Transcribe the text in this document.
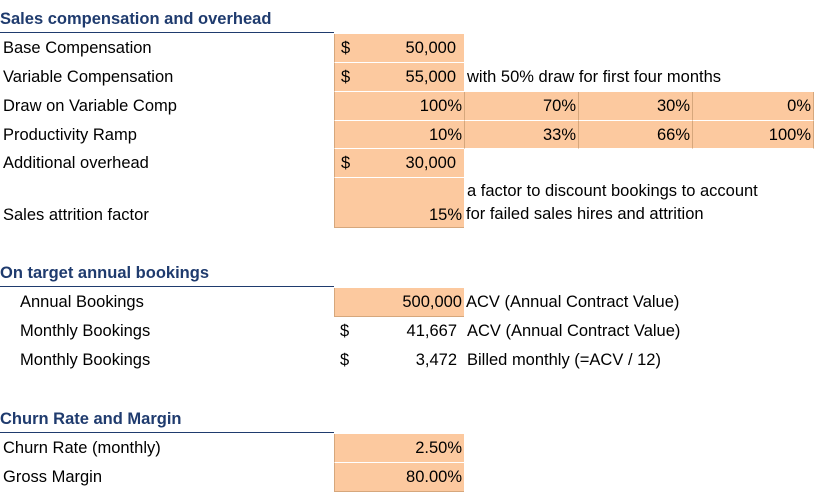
Sales compensation and overhead
Base Compensation	$	50,000
Variable Compensation	$	55,000 with 50% draw for first four months
Draw on Variable Comp	100%	70%	30%	0%
Productivity Ramp	10%	33%	66%	100%
Additional overhead	$	30,000
Sales attrition factor	15%
a factor to discount bookings to account
for failed sales hires and attrition
On target annual bookings
Annual Bookings	500,000 ACV (Annual Contract Value)
Monthly Bookings	$	41,667 ACV (Annual Contract Value)
Monthly Bookings	$	3,472 Billed monthly (=ACV / 12)
Churn Rate and Margin
Churn Rate (monthly)	2.50%
Gross Margin	80.00%
